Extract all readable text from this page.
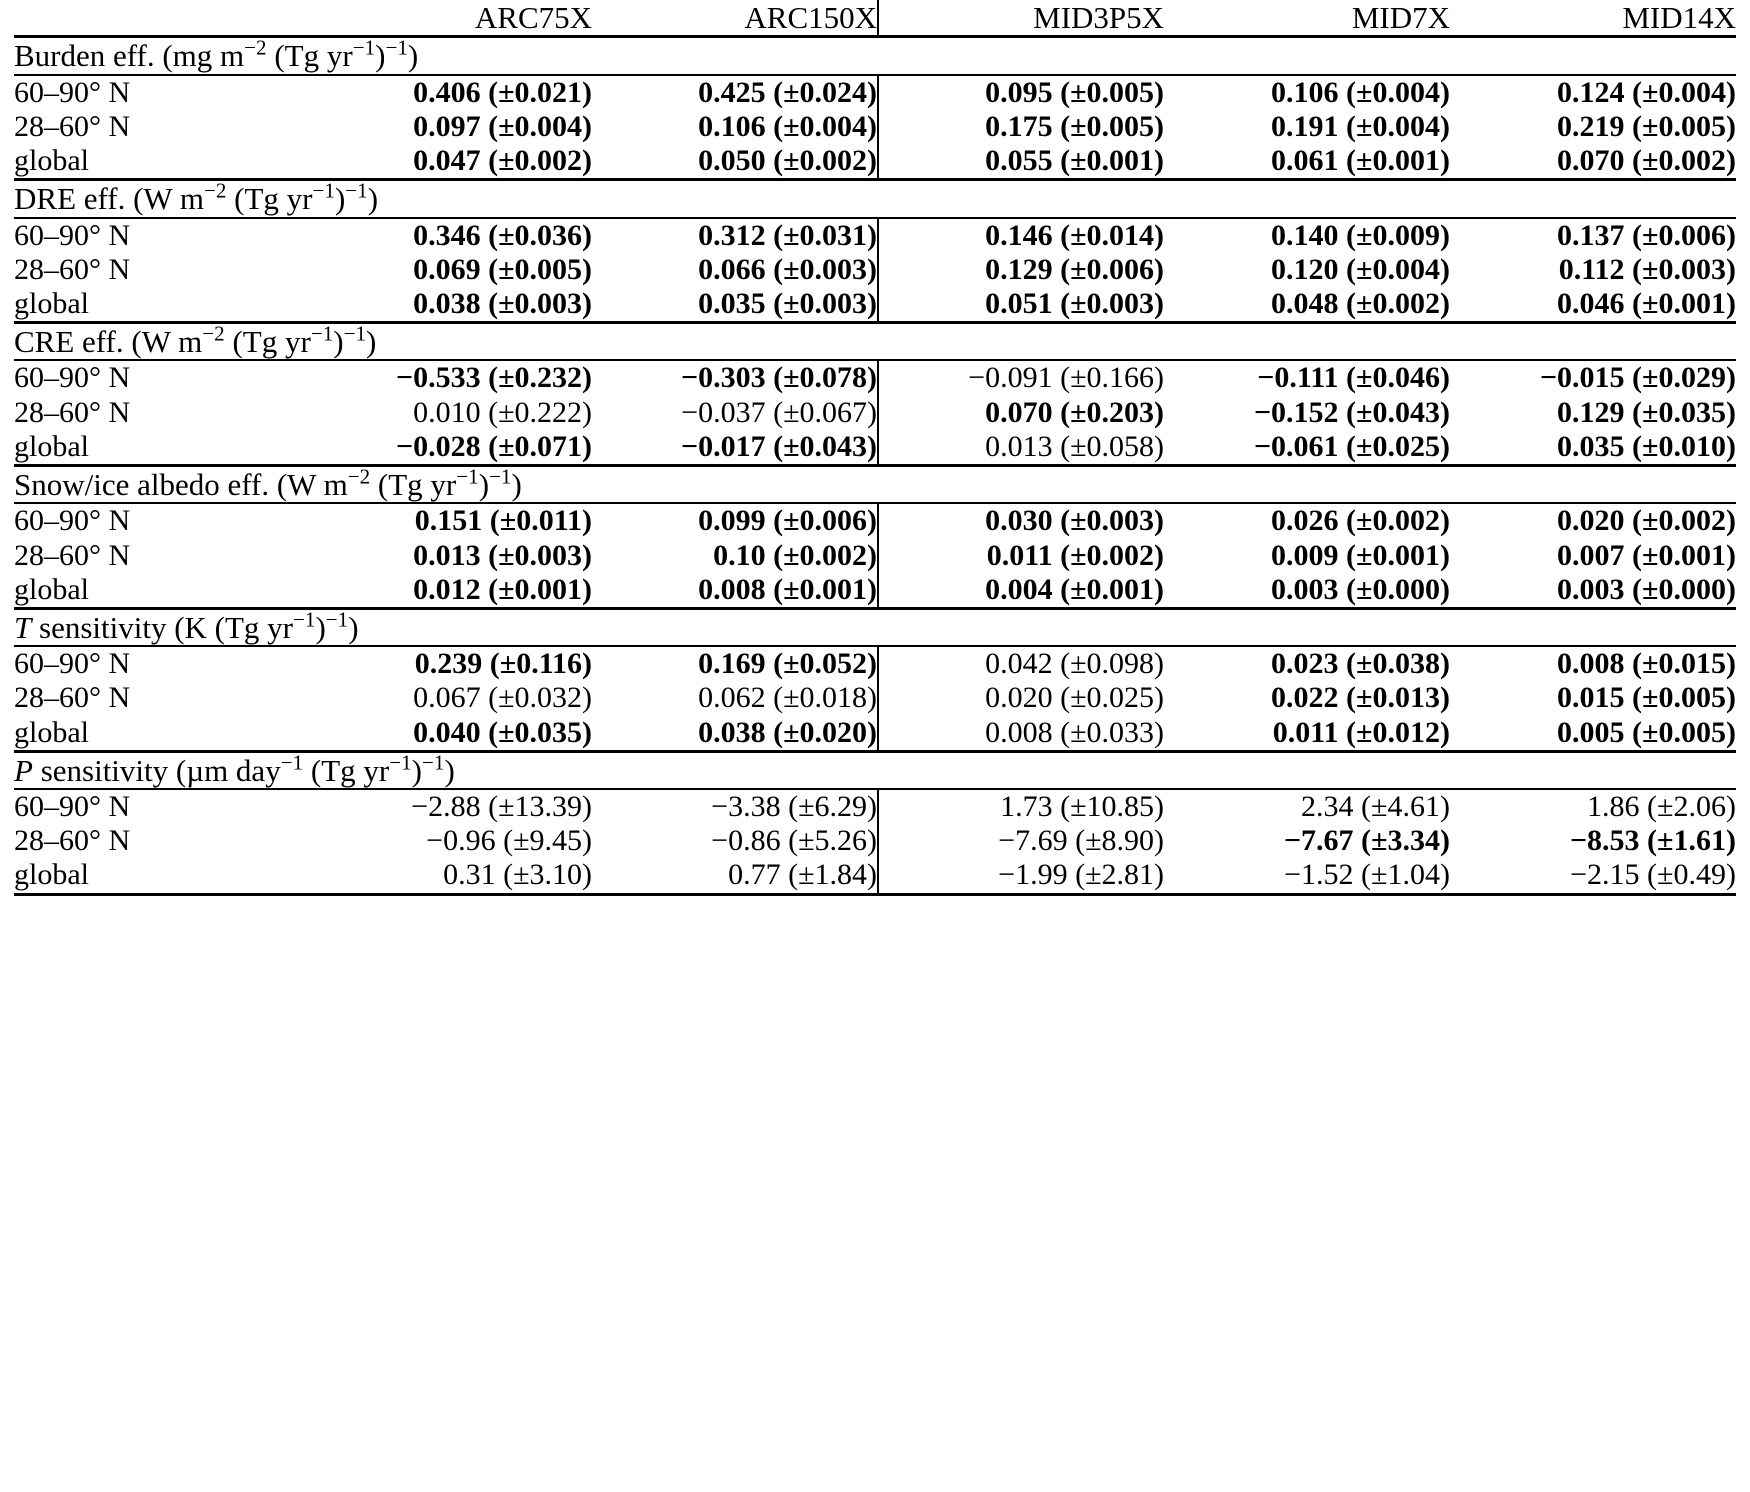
	ARC75X	ARC150X	MID3P5X	MID7X	MID14X
Burden eff. (mg $m^{-2}$ (Tg $yr^{-1})^{-1}$)					
60–90° N	0.406 (±0.021)	0.425 (±0.024)	0.095 (±0.005)	0.106 (±0.004)	0.124 (±0.004)
28–60° N	0.097 (±0.004)	0.106 (±0.004)	0.175 (±0.005)	0.191 (±0.004)	0.219 (±0.005)
global	0.047 (±0.002)	0.050 (±0.002)	0.055 (±0.001)	0.061 (±0.001)	0.070 (±0.002)
DRE eff. (W $m^{-2}$ (Tg $yr^{-1})^{-1}$)					
60–90° N	0.346 (±0.036)	0.312 (±0.031)	0.146 (±0.014)	0.140 (±0.009)	0.137 (±0.006)
28–60° N	0.069 (±0.005)	0.066 (±0.003)	0.129 (±0.006)	0.120 (±0.004)	0.112 (±0.003)
global	0.038 (±0.003)	0.035 (±0.003)	0.051 (±0.003)	0.048 (±0.002)	0.046 (±0.001)
CRE eff. (W $m^{-2}$ (Tg $yr^{-1})^{-1}$)					
60–90° N	−0.533 (±0.232)	−0.303 (±0.078)	−0.091 (±0.166)	−0.111 (±0.046)	−0.015 (±0.029)
28–60° N	0.010 (±0.222)	−0.037 (±0.067)	0.070 (±0.203)	−0.152 (±0.043)	0.129 (±0.035)
global	−0.028 (±0.071)	−0.017 (±0.043)	0.013 (±0.058)	−0.061 (±0.025)	0.035 (±0.010)
Snow/ice albedo eff. (W $m^{-2}$ (Tg $yr^{-1})^{-1}$)					
60–90° N	0.151 (±0.011)	0.099 (±0.006)	0.030 (±0.003)	0.026 (±0.002)	0.020 (±0.002)
28–60° N	0.013 (±0.003)	0.10 (±0.002)	0.011 (±0.002)	0.009 (±0.001)	0.007 (±0.001)
global	0.012 (±0.001)	0.008 (±0.001)	0.004 (±0.001)	0.003 (±0.000)	0.003 (±0.000)
T sensitivity (K (Tg $yr^{-1})^{-1}$)					
60–90° N	0.239 (±0.116)	0.169 (±0.052)	0.042 (±0.098)	0.023 (±0.038)	0.008 (±0.015)
28–60° N	0.067 (±0.032)	0.062 (±0.018)	0.020 (±0.025)	0.022 (±0.013)	0.015 (±0.005)
global	0.040 (±0.035)	0.038 (±0.020)	0.008 (±0.033)	0.011 (±0.012)	0.005 (±0.005)
P sensitivity (µm day$^{-1}$ (Tg $yr^{-1})^{-1}$)					
60–90° N	−2.88 (±13.39)	−3.38 (±6.29)	1.73 (±10.85)	2.34 (±4.61)	1.86 (±2.06)
28–60° N	−0.96 (±9.45)	−0.86 (±5.26)	−7.69 (±8.90)	−7.67 (±3.34)	−8.53 (±1.61)
global	0.31 (±3.10)	0.77 (±1.84)	−1.99 (±2.81)	−1.52 (±1.04)	−2.15 (±0.49)
